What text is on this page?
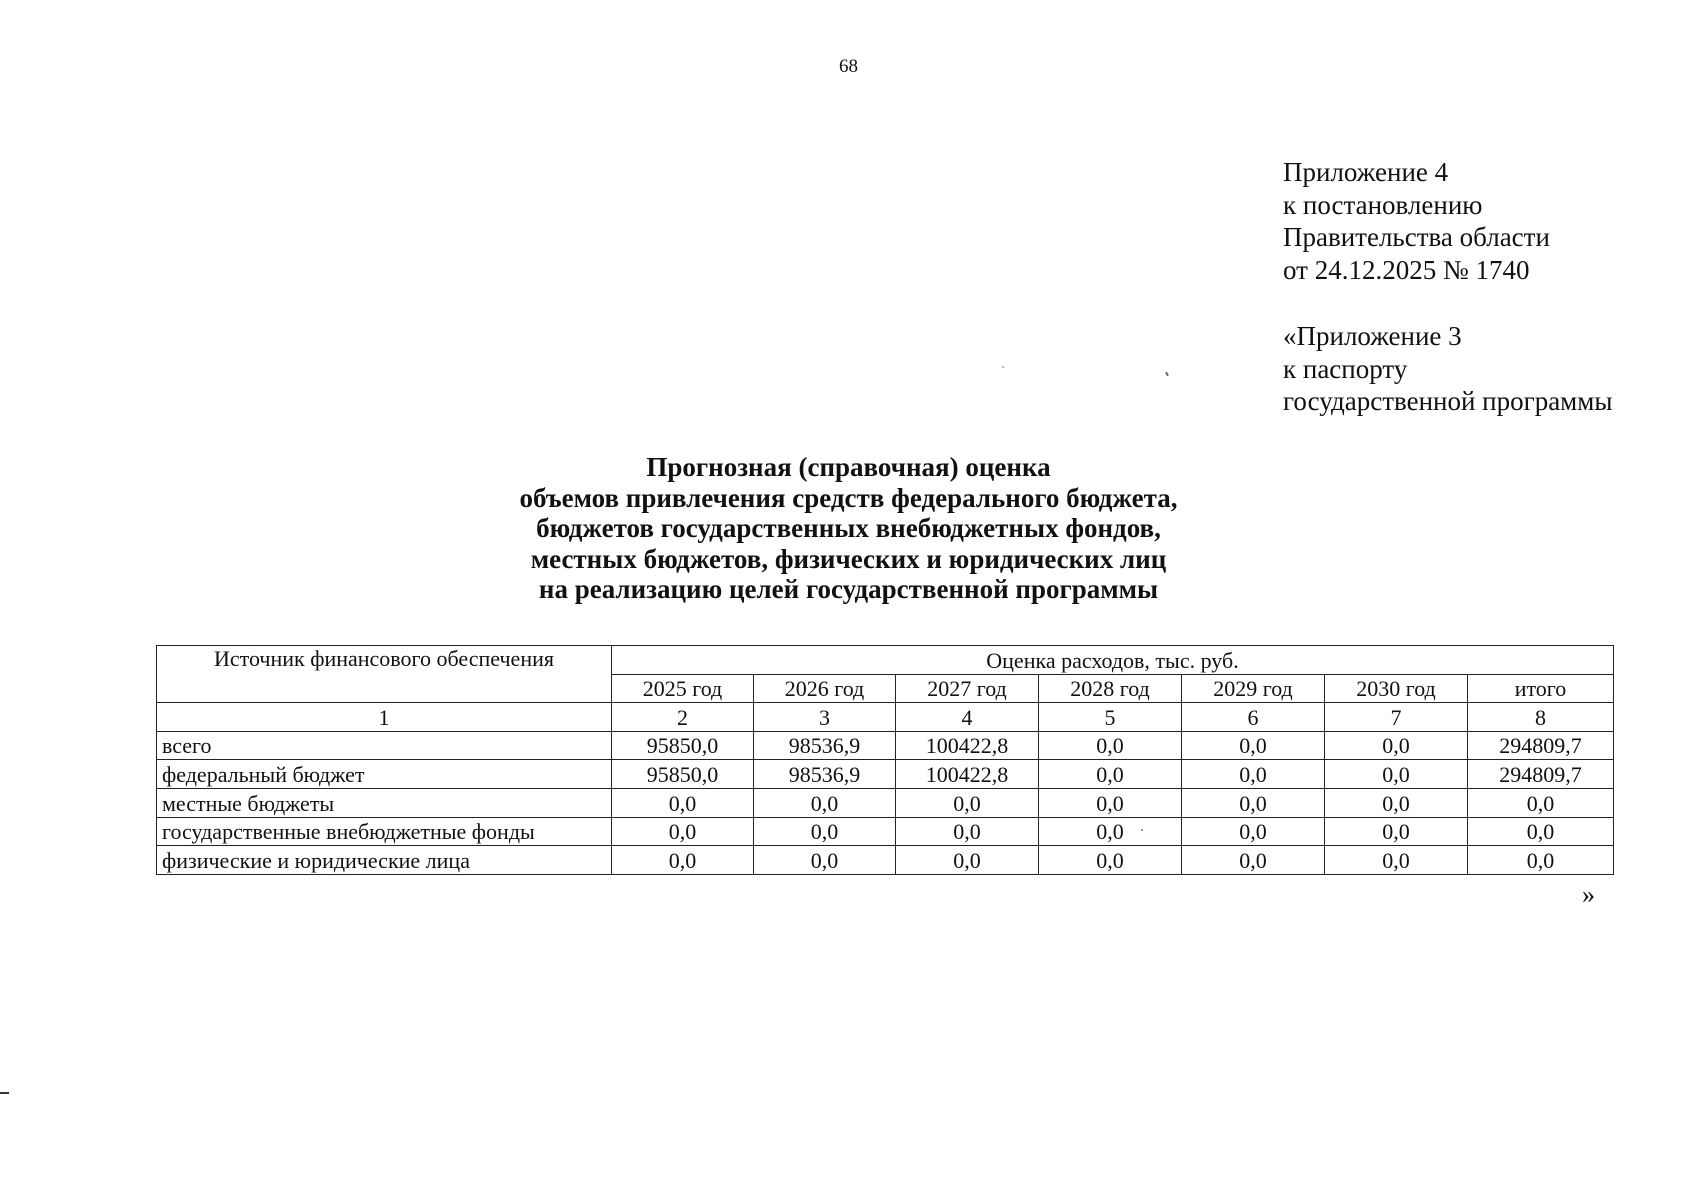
68
Приложение 4
к постановлению
Правительства области
от 24.12.2025 № 1740
«Приложение 3
к паспорту
государственной программы
Прогнозная (справочная) оценка
объемов привлечения средств федерального бюджета,
бюджетов государственных внебюджетных фондов,
местных бюджетов, физических и юридических лиц
на реализацию целей государственной программы
Источник финансового обеспечения	Оценка расходов, тыс. руб.						
	2025 год	2026 год	2027 год	2028 год	2029 год	2030 год	итого
1	2	3	4	5	6	7	8
всего	95850,0	98536,9	100422,8	0,0	0,0	0,0	294809,7
федеральный бюджет	95850,0	98536,9	100422,8	0,0	0,0	0,0	294809,7
местные бюджеты	0,0	0,0	0,0	0,0	0,0	0,0	0,0
государственные внебюджетные фонды	0,0	0,0	0,0	0,0	0,0	0,0	0,0
физические и юридические лица	0,0	0,0	0,0	0,0	0,0	0,0	0,0
»
